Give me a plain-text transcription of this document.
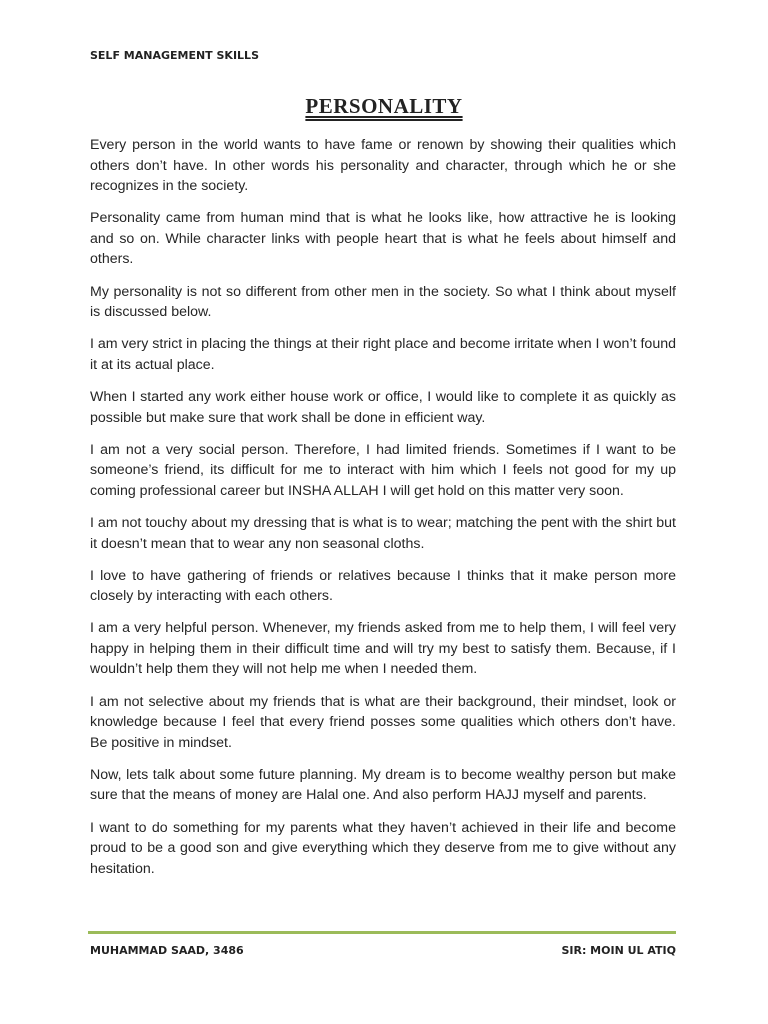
SELF MANAGEMENT SKILLS
PERSONALITY

Every person in the world wants to have fame or renown by showing their qualities which others don’t have. In other words his personality and character, through which he or she recognizes in the society.

Personality came from human mind that is what he looks like, how attractive he is looking and so on. While character links with people heart that is what he feels about himself and others.

My personality is not so different from other men in the society. So what I think about myself is discussed below.

I am very strict in placing the things at their right place and become irritate when I won’t found it at its actual place.

When I started any work either house work or office, I would like to complete it as quickly as possible but make sure that work shall be done in efficient way.

I am not a very social person. Therefore, I had limited friends. Sometimes if I want to be someone’s friend, its difficult for me to interact with him which I feels not good for my up coming professional career but INSHA ALLAH I will get hold on this matter very soon.

I am not touchy about my dressing that is what is to wear; matching the pent with the shirt but it doesn’t mean that to wear any non seasonal cloths.

I love to have gathering of friends or relatives because I thinks that it make person more closely by interacting with each others.

I am a very helpful person. Whenever, my friends asked from me to help them, I will feel very happy in helping them in their difficult time and will try my best to satisfy them. Because, if I wouldn’t help them they will not help me when I needed them.

I am not selective about my friends that is what are their background, their mindset, look or knowledge because I feel that every friend posses some qualities which others don’t have. Be positive in mindset.

Now, lets talk about some future planning. My dream is to become wealthy person but make sure that the means of money are Halal one. And also perform HAJJ myself and parents.

I want to do something for my parents what they haven’t achieved in their life and become proud to be a good son and give everything which they deserve from me to give without any hesitation.

MUHAMMAD SAAD, 3486	SIR: MOIN UL ATIQ
